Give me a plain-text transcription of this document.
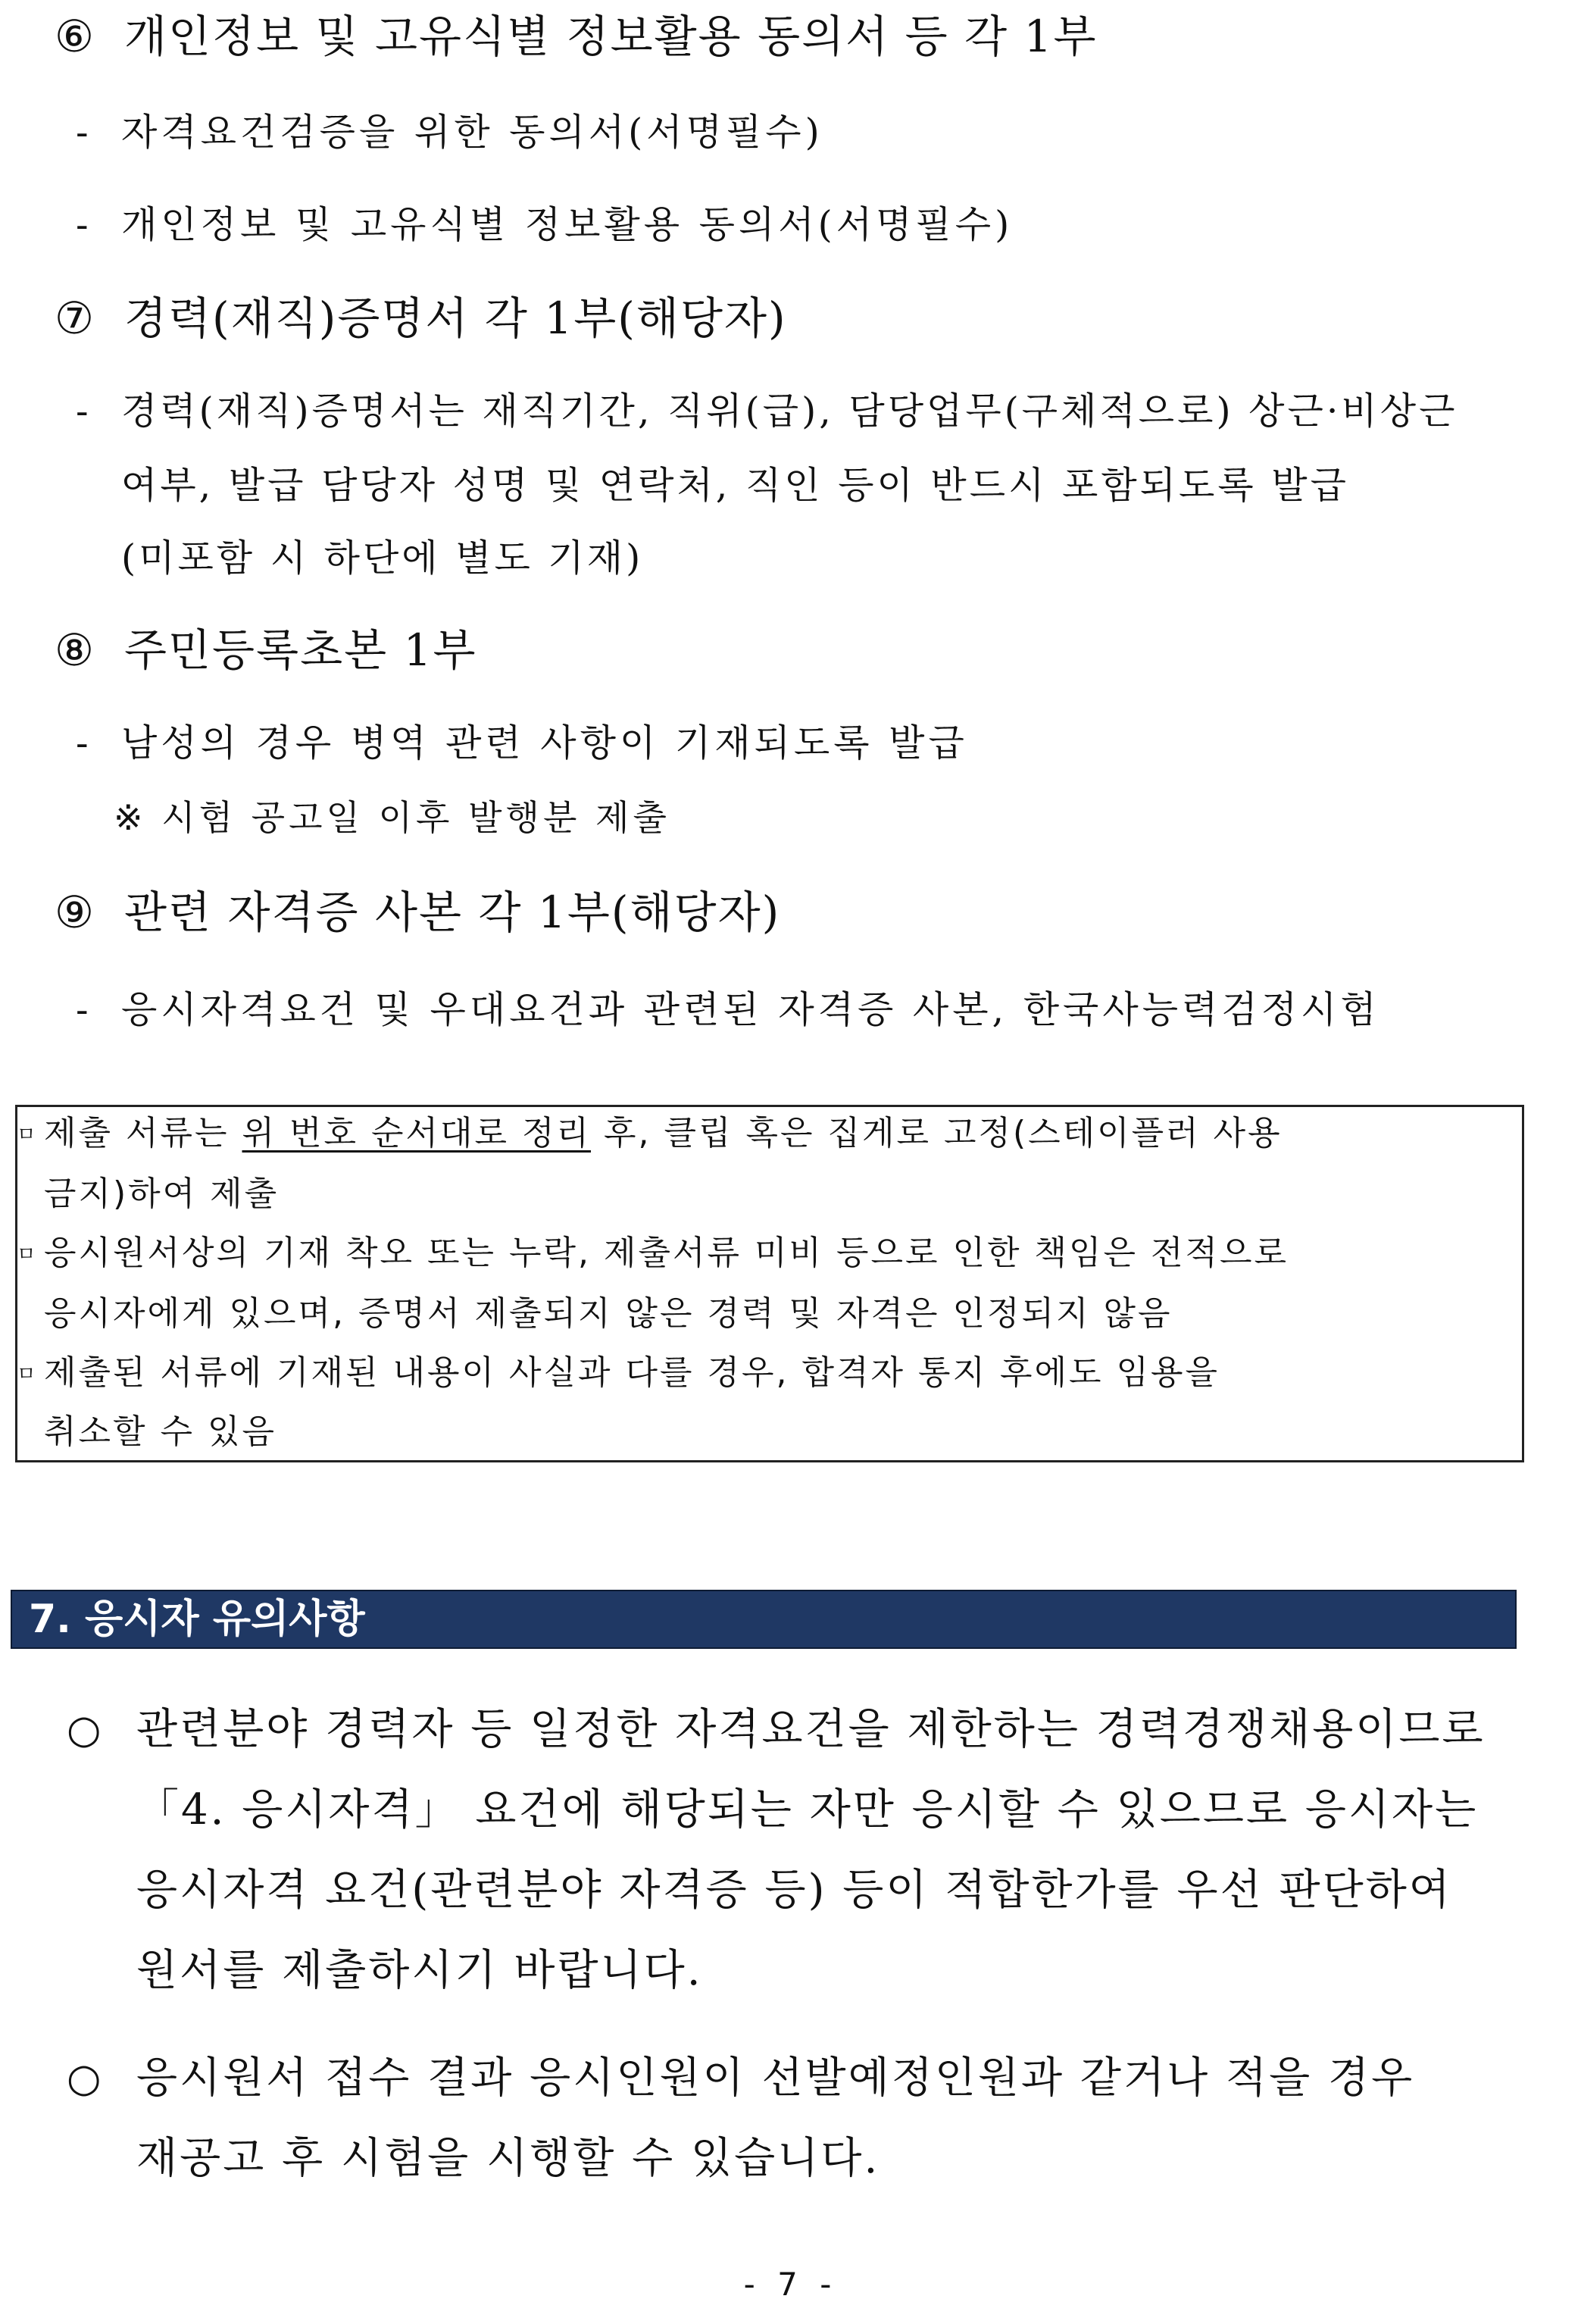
⑥ 개인정보 및 고유식별 정보활용 동의서 등 각 1부
- 자격요건검증을 위한 동의서(서명필수)
- 개인정보 및 고유식별 정보활용 동의서(서명필수)
⑦ 경력(재직)증명서 각 1부(해당자)
- 경력(재직)증명서는 재직기간, 직위(급), 담당업무(구체적으로) 상근·비상근
여부, 발급 담당자 성명 및 연락처, 직인 등이 반드시 포함되도록 발급
(미포함 시 하단에 별도 기재)
⑧ 주민등록초본 1부
- 남성의 경우 병역 관련 사항이 기재되도록 발급
※ 시험 공고일 이후 발행분 제출
⑨ 관련 자격증 사본 각 1부(해당자)
- 응시자격요건 및 우대요건과 관련된 자격증 사본, 한국사능력검정시험
ㅁ 제출 서류는 위 번호 순서대로 정리 후, 클립 혹은 집게로 고정(스테이플러 사용
금지)하여 제출
ㅁ 응시원서상의 기재 착오 또는 누락, 제출서류 미비 등으로 인한 책임은 전적으로
응시자에게 있으며, 증명서 제출되지 않은 경력 및 자격은 인정되지 않음
ㅁ 제출된 서류에 기재된 내용이 사실과 다를 경우, 합격자 통지 후에도 임용을
취소할 수 있음
7. 응시자 유의사항
○ 관련분야 경력자 등 일정한 자격요건을 제한하는 경력경쟁채용이므로
「4. 응시자격」 요건에 해당되는 자만 응시할 수 있으므로 응시자는
응시자격 요건(관련분야 자격증 등) 등이 적합한가를 우선 판단하여
원서를 제출하시기 바랍니다.
○ 응시원서 접수 결과 응시인원이 선발예정인원과 같거나 적을 경우
재공고 후 시험을 시행할 수 있습니다.
- 7 -
